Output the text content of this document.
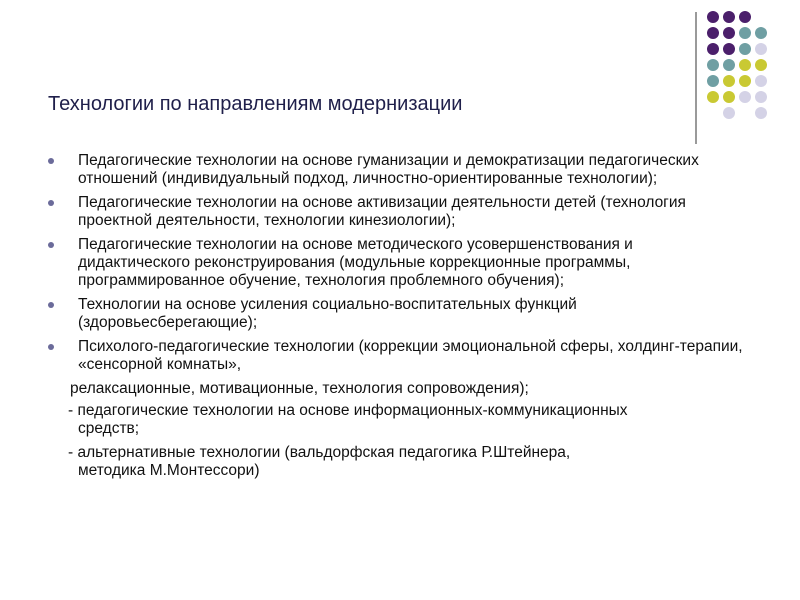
Технологии по направлениям модернизации
Педагогические технологии на основе гуманизации и демократизации педагогических отношений (индивидуальный подход, личностно-ориентированные технологии);
Педагогические технологии на основе активизации деятельности детей (технология проектной деятельности, технологии кинезиологии);
Педагогические технологии на основе методического усовершенствования и дидактического реконструирования (модульные коррекционные программы, программированное обучение, технология проблемного обучения);
Технологии на основе усиления социально-воспитательных функций (здоровьесберегающие);
Психолого-педагогические технологии (коррекции эмоциональной сферы, холдинг-терапии, «сенсорной комнаты»,
релаксационные, мотивационные, технология сопровождения);
- педагогические технологии на основе информационных-коммуникационных
средств;
- альтернативные технологии (вальдорфская педагогика Р.Штейнера,
методика М.Монтессори)
